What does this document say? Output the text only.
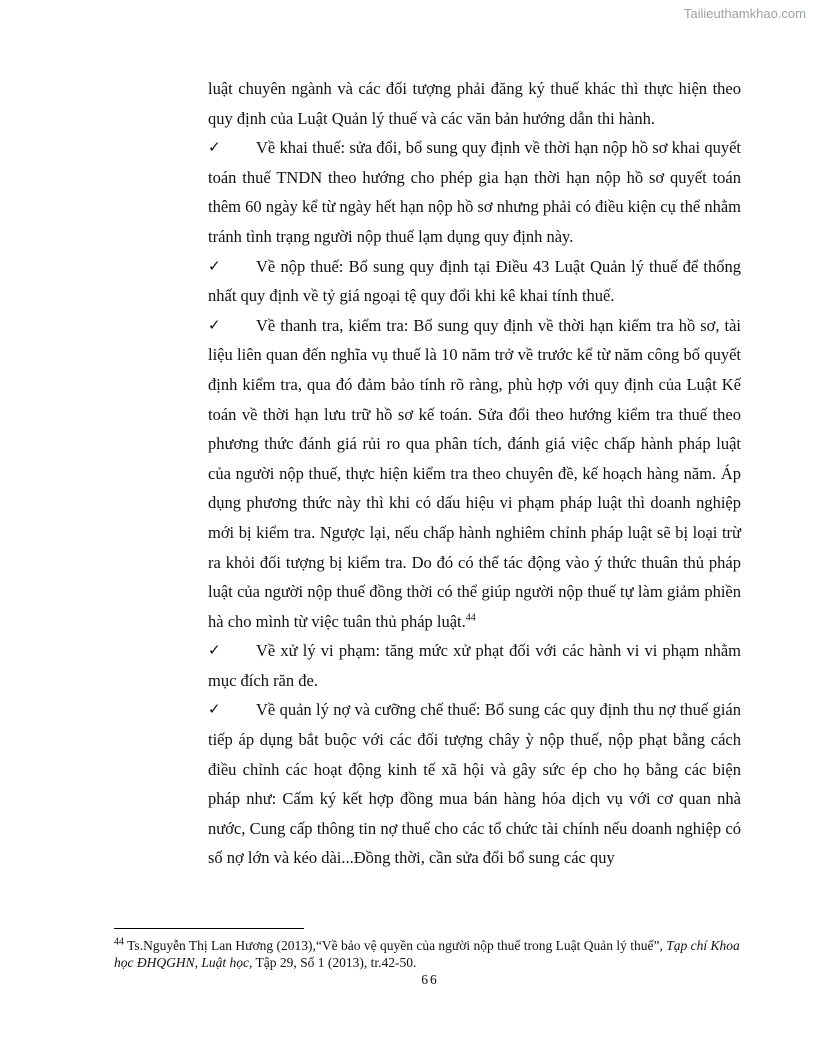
Tailieuthamkhao.com

luật chuyên ngành và các đối tượng phải đăng ký thuế khác thì thực hiện theo quy định của Luật Quản lý thuế và các văn bản hướng dẫn thi hành.

✓ Về khai thuế: sửa đổi, bổ sung quy định về thời hạn nộp hồ sơ khai quyết toán thuế TNDN theo hướng cho phép gia hạn thời hạn nộp hồ sơ quyết toán thêm 60 ngày kể từ ngày hết hạn nộp hồ sơ nhưng phải có điều kiện cụ thể nhằm tránh tình trạng người nộp thuế lạm dụng quy định này.

✓ Về nộp thuế: Bổ sung quy định tại Điều 43 Luật Quản lý thuế để thống nhất quy định về tỷ giá ngoại tệ quy đổi khi kê khai tính thuế.

✓ Về thanh tra, kiểm tra: Bổ sung quy định về thời hạn kiểm tra hồ sơ, tài liệu liên quan đến nghĩa vụ thuế là 10 năm trở về trước kể từ năm công bố quyết định kiểm tra, qua đó đảm bảo tính rõ ràng, phù hợp với quy định của Luật Kế toán về thời hạn lưu trữ hồ sơ kế toán. Sửa đổi theo hướng kiểm tra thuế theo phương thức đánh giá rủi ro qua phân tích, đánh giá việc chấp hành pháp luật của người nộp thuế, thực hiện kiểm tra theo chuyên đề, kế hoạch hàng năm. Áp dụng phương thức này thì khi có dấu hiệu vi phạm pháp luật thì doanh nghiệp mới bị kiểm tra. Ngược lại, nếu chấp hành nghiêm chỉnh pháp luật sẽ bị loại trừ ra khỏi đối tượng bị kiểm tra. Do đó có thể tác động vào ý thức thuân thủ pháp luật của người nộp thuế đồng thời có thể giúp người nộp thuế tự làm giảm phiền hà cho mình từ việc tuân thủ pháp luật.$^{44}$

✓ Về xử lý vi phạm: tăng mức xử phạt đối với các hành vi vi phạm nhằm mục đích răn đe.

✓ Về quản lý nợ và cưỡng chế thuế: Bổ sung các quy định thu nợ thuế gián tiếp áp dụng bắt buộc với các đối tượng chây ỳ nộp thuế, nộp phạt bằng cách điều chỉnh các hoạt động kinh tế xã hội và gây sức ép cho họ bằng các biện pháp như: Cấm ký kết hợp đồng mua bán hàng hóa dịch vụ với cơ quan nhà nước, Cung cấp thông tin nợ thuế cho các tổ chức tài chính nếu doanh nghiệp có số nợ lớn và kéo dài...Đồng thời, cần sửa đổi bổ sung các quy

$^{44}$ Ts.Nguyễn Thị Lan Hương (2013),“Về bảo vệ quyền của người nộp thuế trong Luật Quản lý thuế”, Tạp chí Khoa học ĐHQGHN, Luật học, Tập 29, Số 1 (2013), tr.42-50.

66
